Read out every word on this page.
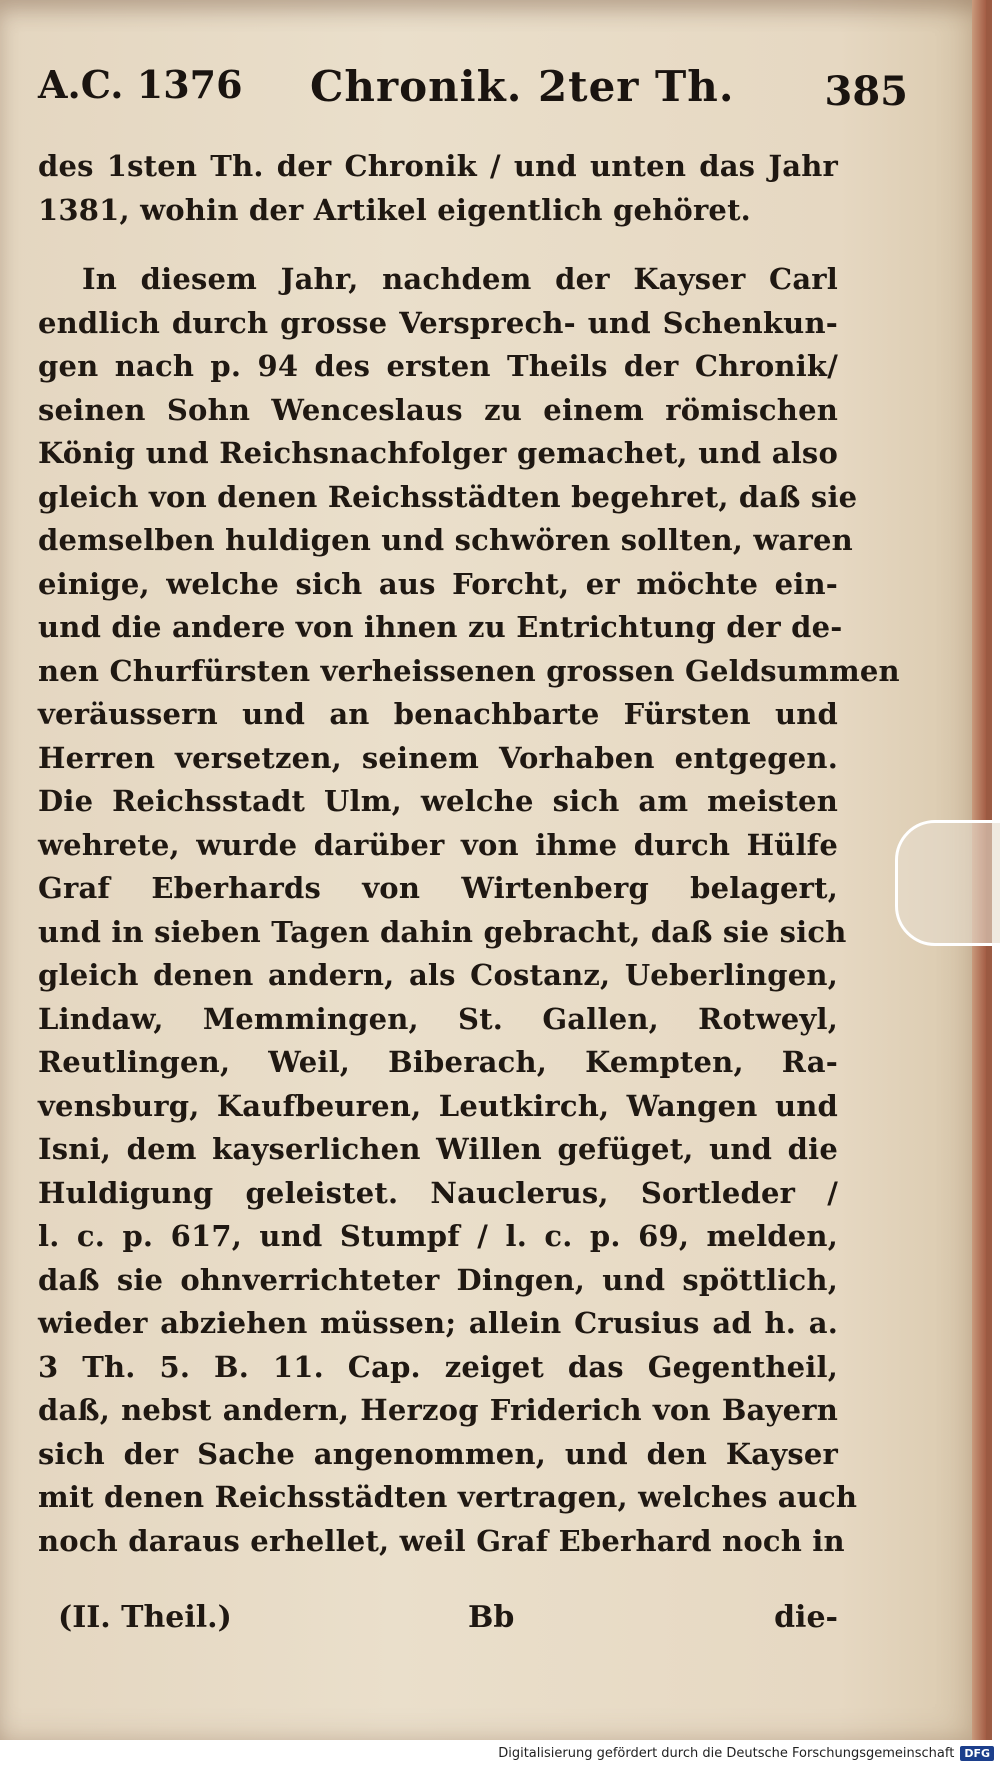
A.C. 1376 Chronik. 2ter Th. 385
des 1sten Th. der Chronik / und unten das Jahr
1381, wohin der Artikel eigentlich gehöret.
In diesem Jahr, nachdem der Kayser Carl
endlich durch grosse Versprech- und Schenkun-
gen nach p. 94 des ersten Theils der Chronik/
seinen Sohn Wenceslaus zu einem römischen
König und Reichsnachfolger gemachet, und also
gleich von denen Reichsstädten begehret, daß sie
demselben huldigen und schwören sollten, waren
einige, welche sich aus Forcht, er möchte ein-
und die andere von ihnen zu Entrichtung der de-
nen Churfürsten verheissenen grossen Geldsummen
veräussern und an benachbarte Fürsten und
Herren versetzen, seinem Vorhaben entgegen.
Die Reichsstadt Ulm, welche sich am meisten
wehrete, wurde darüber von ihme durch Hülfe
Graf Eberhards von Wirtenberg belagert,
und in sieben Tagen dahin gebracht, daß sie sich
gleich denen andern, als Costanz, Ueberlingen,
Lindaw, Memmingen, St. Gallen, Rotweyl,
Reutlingen, Weil, Biberach, Kempten, Ra-
vensburg, Kaufbeuren, Leutkirch, Wangen und
Isni, dem kayserlichen Willen gefüget, und die
Huldigung geleistet. Nauclerus, Sortleder /
l. c. p. 617, und Stumpf / l. c. p. 69, melden,
daß sie ohnverrichteter Dingen, und spöttlich,
wieder abziehen müssen; allein Crusius ad h. a.
3 Th. 5. B. 11. Cap. zeiget das Gegentheil,
daß, nebst andern, Herzog Friderich von Bayern
sich der Sache angenommen, und den Kayser
mit denen Reichsstädten vertragen, welches auch
noch daraus erhellet, weil Graf Eberhard noch in
(II. Theil.)	Bb	die-
Digitalisierung gefördert durch die Deutsche Forschungsgemeinschaft DFG
